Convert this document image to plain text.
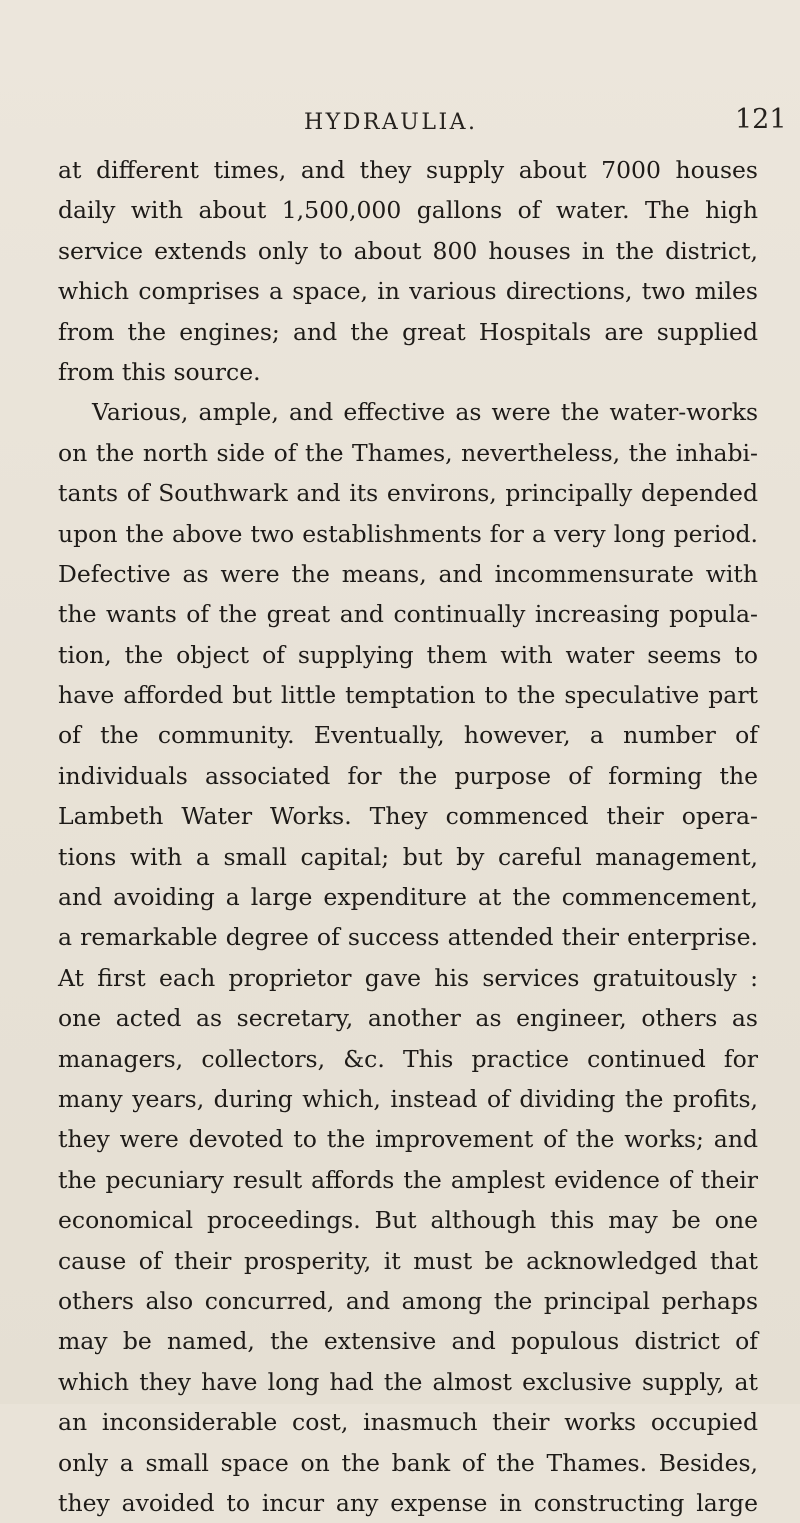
HYDRAULIA.	121
at different times, and they supply about 7000 houses
daily with about 1,500,000 gallons of water. The high
service extends only to about 800 houses in the district,
which comprises a space, in various directions, two miles
from the engines; and the great Hospitals are supplied
from this source.
Various, ample, and effective as were the water-works
on the north side of the Thames, nevertheless, the inhabi-
tants of Southwark and its environs, principally depended
upon the above two establishments for a very long period.
Defective as were the means, and incommensurate with
the wants of the great and continually increasing popula-
tion, the object of supplying them with water seems to
have afforded but little temptation to the speculative part
of the community. Eventually, however, a number of
individuals associated for the purpose of forming the
Lambeth Water Works. They commenced their opera-
tions with a small capital; but by careful management,
and avoiding a large expenditure at the commencement,
a remarkable degree of success attended their enterprise.
At first each proprietor gave his services gratuitously :
one acted as secretary, another as engineer, others as
managers, collectors, &c. This practice continued for
many years, during which, instead of dividing the profits,
they were devoted to the improvement of the works; and
the pecuniary result affords the amplest evidence of their
economical proceedings. But although this may be one
cause of their prosperity, it must be acknowledged that
others also concurred, and among the principal perhaps
may be named, the extensive and populous district of
which they have long had the almost exclusive supply, at
an inconsiderable cost, inasmuch their works occupied
only a small space on the bank of the Thames. Besides,
they avoided to incur any expense in constructing large
